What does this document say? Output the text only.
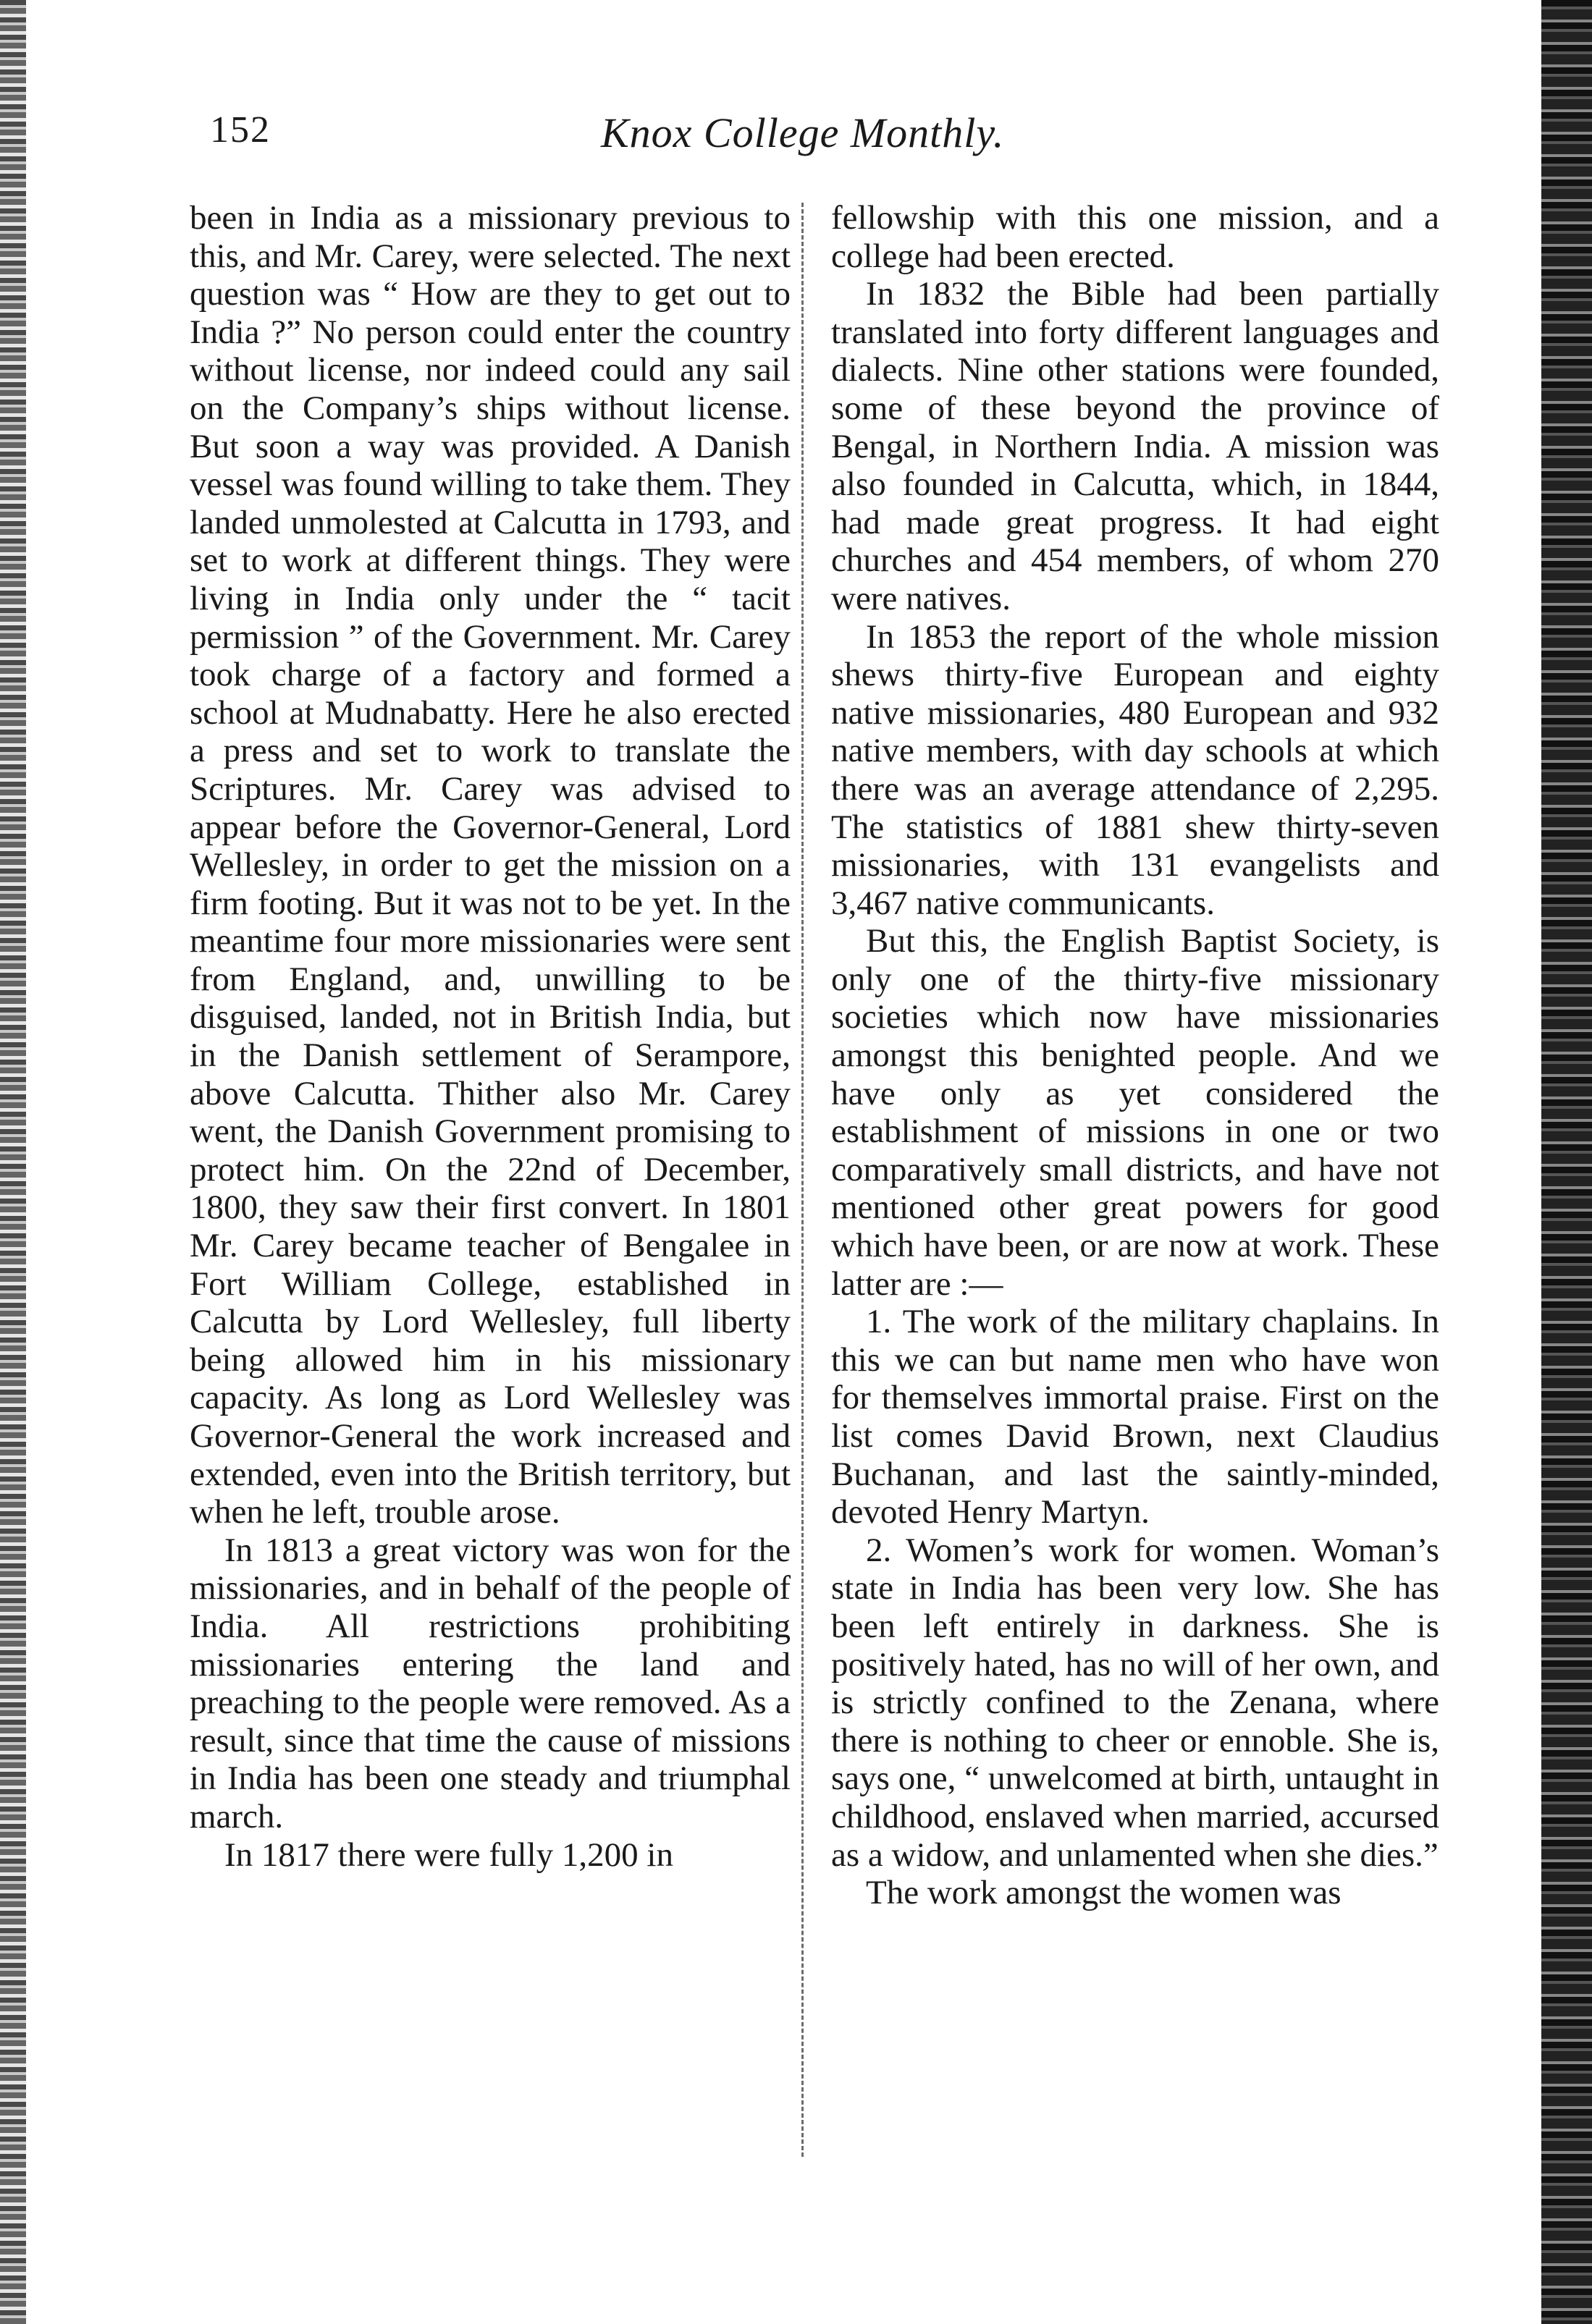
152	Knox College Monthly.

been in India as a missionary previous to this, and Mr. Carey, were selected. The next question was “ How are they to get out to India ?” No person could enter the country without license, nor indeed could any sail on the Company’s ships without license. But soon a way was provided. A Danish vessel was found willing to take them. They landed unmolested at Calcutta in 1793, and set to work at different things. They were living in India only under the “ tacit permission ” of the Government. Mr. Carey took charge of a factory and formed a school at Mudnabatty. Here he also erected a press and set to work to translate the Scriptures. Mr. Carey was advised to appear before the Governor-General, Lord Wellesley, in order to get the mission on a firm footing. But it was not to be yet. In the meantime four more missionaries were sent from England, and, unwilling to be disguised, landed, not in British India, but in the Danish settlement of Serampore, above Calcutta. Thither also Mr. Carey went, the Danish Government promising to protect him. On the 22nd of December, 1800, they saw their first convert. In 1801 Mr. Carey became teacher of Bengalee in Fort William College, established in Calcutta by Lord Wellesley, full liberty being allowed him in his missionary capacity. As long as Lord Wellesley was Governor-General the work increased and extended, even into the British territory, but when he left, trouble arose.

In 1813 a great victory was won for the missionaries, and in behalf of the people of India. All restrictions prohibiting missionaries entering the land and preaching to the people were removed. As a result, since that time the cause of missions in India has been one steady and triumphal march.

In 1817 there were fully 1,200 in

fellowship with this one mission, and a college had been erected.

In 1832 the Bible had been partially translated into forty different languages and dialects. Nine other stations were founded, some of these beyond the province of Bengal, in Northern India. A mission was also founded in Calcutta, which, in 1844, had made great progress. It had eight churches and 454 members, of whom 270 were natives.

In 1853 the report of the whole mission shews thirty-five European and eighty native missionaries, 480 European and 932 native members, with day schools at which there was an average attendance of 2,295. The statistics of 1881 shew thirty-seven missionaries, with 131 evangelists and 3,467 native communicants.

But this, the English Baptist Society, is only one of the thirty-five missionary societies which now have missionaries amongst this benighted people. And we have only as yet considered the establishment of missions in one or two comparatively small districts, and have not mentioned other great powers for good which have been, or are now at work. These latter are :—

1. The work of the military chaplains. In this we can but name men who have won for themselves immortal praise. First on the list comes David Brown, next Claudius Buchanan, and last the saintly-minded, devoted Henry Martyn.

2. Women’s work for women. Woman’s state in India has been very low. She has been left entirely in darkness. She is positively hated, has no will of her own, and is strictly confined to the Zenana, where there is nothing to cheer or ennoble. She is, says one, “ unwelcomed at birth, untaught in childhood, enslaved when married, accursed as a widow, and unlamented when she dies.”

The work amongst the women was
